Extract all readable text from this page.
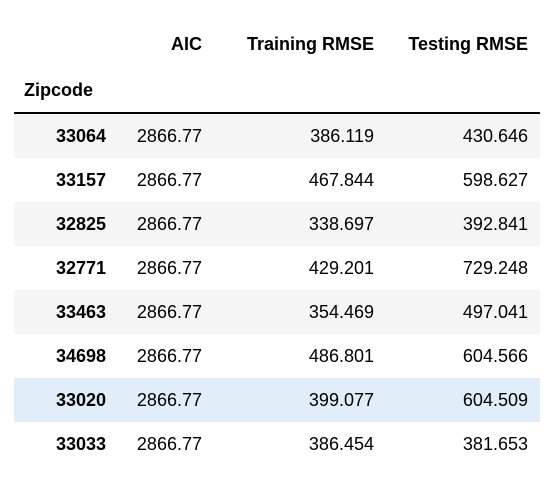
	AIC	Training RMSE	Testing RMSE
Zipcode			
33064	2866.77	386.119	430.646
33157	2866.77	467.844	598.627
32825	2866.77	338.697	392.841
32771	2866.77	429.201	729.248
33463	2866.77	354.469	497.041
34698	2866.77	486.801	604.566
33020	2866.77	399.077	604.509
33033	2866.77	386.454	381.653
